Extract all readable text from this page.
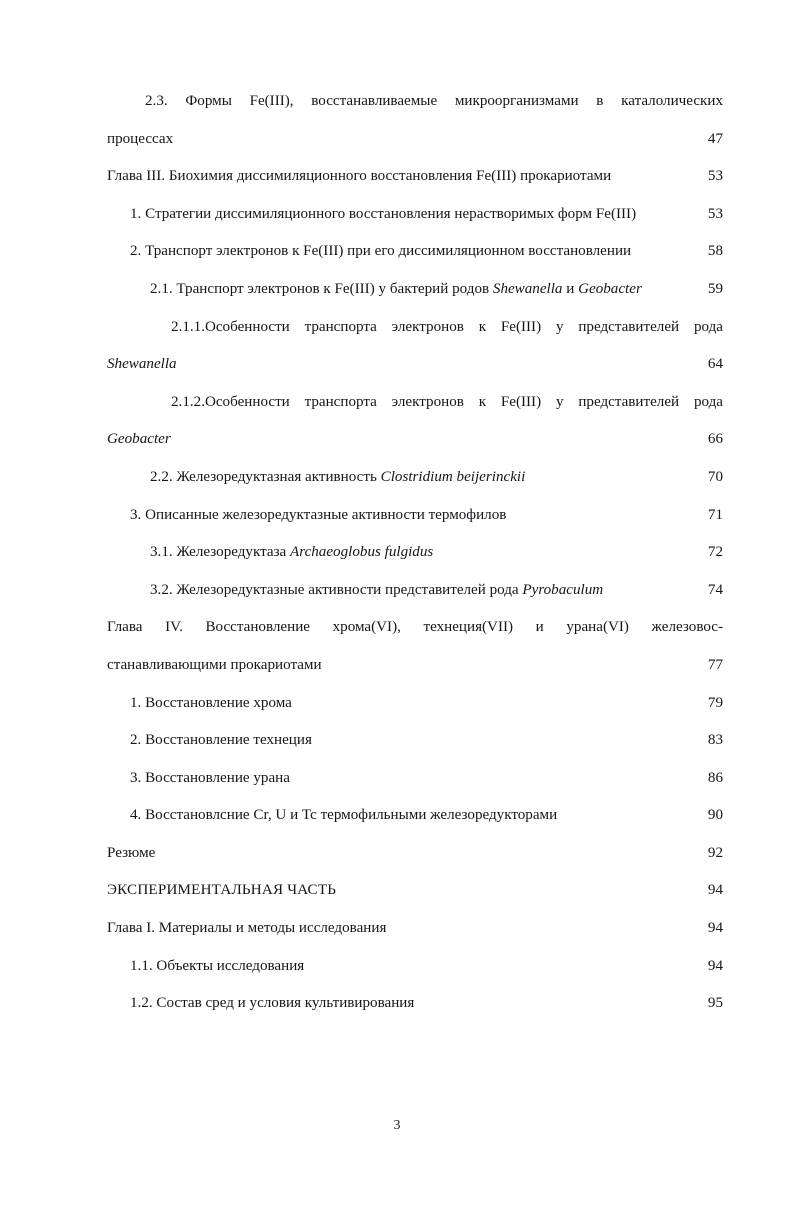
2.3. Формы Fe(III), восстанавливаемые микроорганизмами в каталолических
процессах	47
Глава III. Биохимия диссимиляционного восстановления Fe(III) прокариотами	53
1. Стратегии диссимиляционного восстановления нерастворимых форм Fe(III)	53
2. Транспорт электронов к Fe(III) при его диссимиляционном восстановлении	58
2.1. Транспорт электронов к Fe(III) у бактерий родов Shewanella и Geobacter	59
2.1.1.Особенности транспорта электронов к Fe(III) у представителей рода
Shewanella	64
2.1.2.Особенности транспорта электронов к Fe(III) у представителей рода
Geobacter	66
2.2. Железоредуктазная активность Clostridium beijerinckii	70
3. Описанные железоредуктазные активности термофилов	71
3.1. Железоредуктаза Archaeoglobus fulgidus	72
3.2. Железоредуктазные активности представителей рода Pyrobaculum	74
Глава IV. Восстановление хрома(VI), технеция(VII) и урана(VI) железовос-
станавливающими прокариотами	77
1. Восстановление хрома	79
2. Восстановление технеция	83
3. Восстановление урана	86
4. Восстановлсние Cr, U и Tc термофильными железоредукторами	90
Резюме	92
ЭКСПЕРИМЕНТАЛЬНАЯ ЧАСТЬ	94
Глава I. Материалы и методы исследования	94
1.1. Объекты исследования	94
1.2. Состав сред и условия культивирования	95
3
